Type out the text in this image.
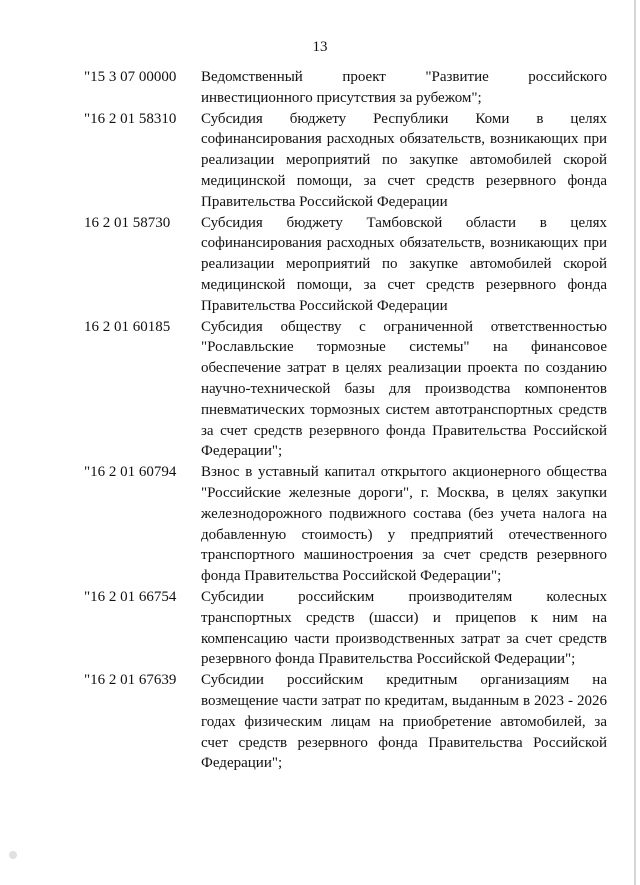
13
"15 3 07 00000	Ведомственный проект "Развитие российского инвестиционного присутствия за рубежом";
"16 2 01 58310	Субсидия бюджету Республики Коми в целях софинансирования расходных обязательств, возникающих при реализации мероприятий по закупке автомобилей скорой медицинской помощи, за счет средств резервного фонда Правительства Российской Федерации
16 2 01 58730	Субсидия бюджету Тамбовской области в целях софинансирования расходных обязательств, возникающих при реализации мероприятий по закупке автомобилей скорой медицинской помощи, за счет средств резервного фонда Правительства Российской Федерации
16 2 01 60185	Субсидия обществу с ограниченной ответственностью "Рославльские тормозные системы" на финансовое обеспечение затрат в целях реализации проекта по созданию научно-технической базы для производства компонентов пневматических тормозных систем автотранспортных средств за счет средств резервного фонда Правительства Российской Федерации";
"16 2 01 60794	Взнос в уставный капитал открытого акционерного общества "Российские железные дороги", г. Москва, в целях закупки железнодорожного подвижного состава (без учета налога на добавленную стоимость) у предприятий отечественного транспортного машиностроения за счет средств резервного фонда Правительства Российской Федерации";
"16 2 01 66754	Субсидии российским производителям колесных транспортных средств (шасси) и прицепов к ним на компенсацию части производственных затрат за счет средств резервного фонда Правительства Российской Федерации";
"16 2 01 67639	Субсидии российским кредитным организациям на возмещение части затрат по кредитам, выданным в 2023 - 2026 годах физическим лицам на приобретение автомобилей, за счет средств резервного фонда Правительства Российской Федерации";
